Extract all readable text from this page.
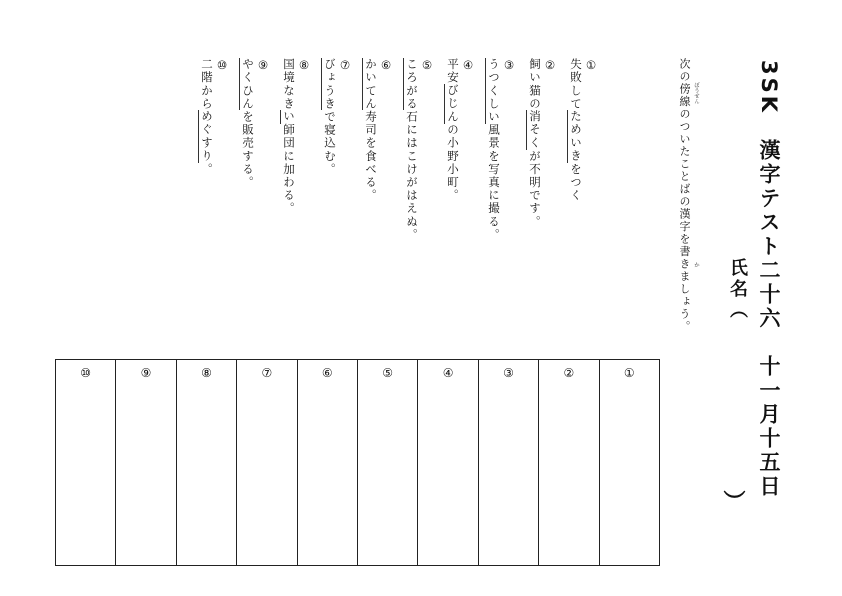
3SK　漢字テスト二十六　十一月十五日
氏名（
）
次の傍線のついたことばの漢字を書きましょう。 ぼうせん
か
①
失敗してためいきをつく
②
飼い猫の消そくが不明です。
③
うつくしい風景を写真に撮る。
④
平安びじんの小野小町。
⑤
ころがる石にはこけがはえぬ。
⑥
かいてん寿司を食べる。
⑦
びょうきで寝込む。
⑧
国境なきい師団に加わる。
⑨
やくひんを販売する。
⑩
二階からめぐすり。
①
②
③
④
⑤
⑥
⑦
⑧
⑨
⑩
